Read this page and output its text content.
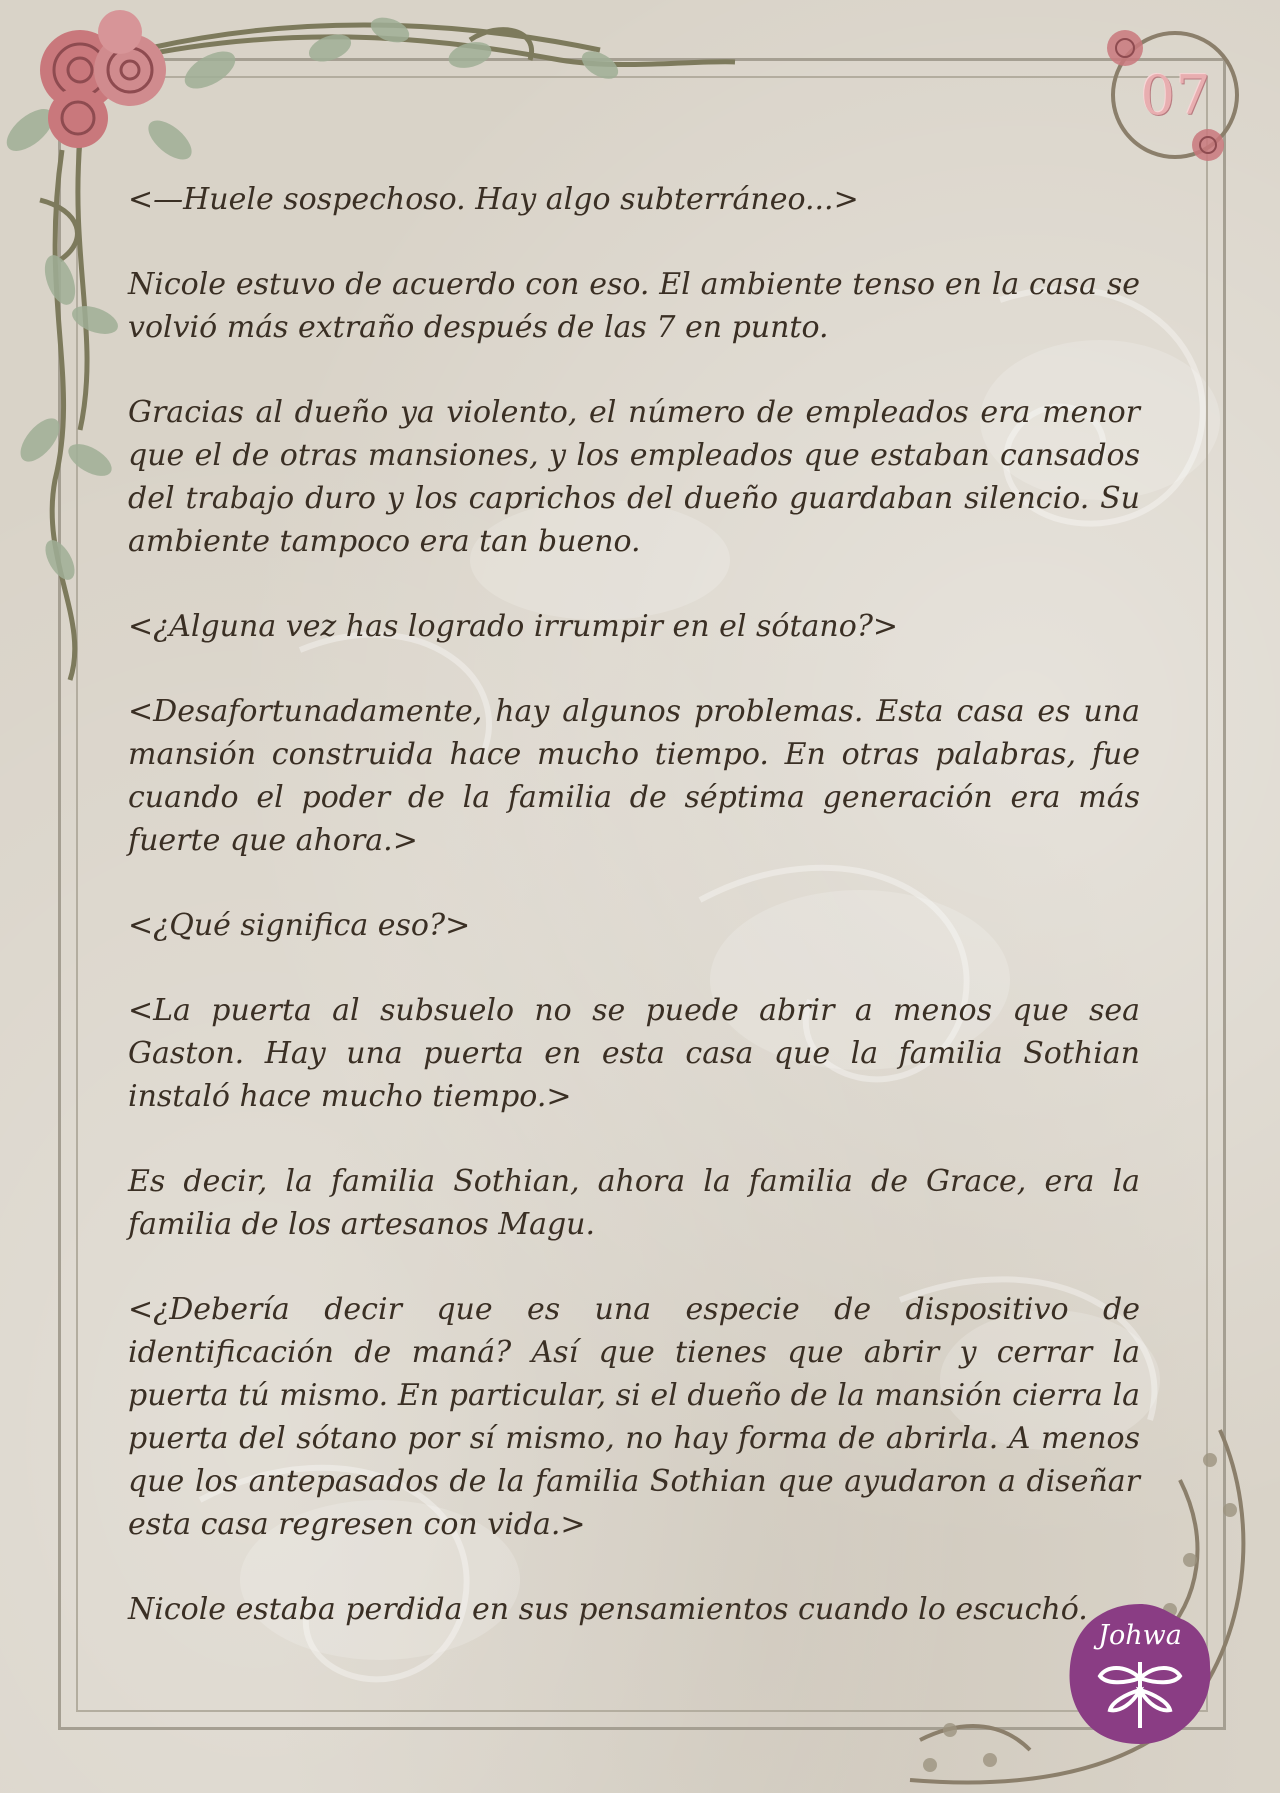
07
Johwa

<—Huele sospechoso. Hay algo subterráneo...>

Nicole estuvo de acuerdo con eso. El ambiente tenso en la casa se volvió más extraño después de las 7 en punto.

Gracias al dueño ya violento, el número de empleados era menor que el de otras mansiones, y los empleados que estaban cansados del trabajo duro y los caprichos del dueño guardaban silencio. Su ambiente tampoco era tan bueno.

<¿Alguna vez has logrado irrumpir en el sótano?>

<Desafortunadamente, hay algunos problemas. Esta casa es una mansión construida hace mucho tiempo. En otras palabras, fue cuando el poder de la familia de séptima generación era más fuerte que ahora.>

<¿Qué significa eso?>

<La puerta al subsuelo no se puede abrir a menos que sea Gaston. Hay una puerta en esta casa que la familia Sothian instaló hace mucho tiempo.>

Es decir, la familia Sothian, ahora la familia de Grace, era la familia de los artesanos Magu.

<¿Debería decir que es una especie de dispositivo de identificación de maná? Así que tienes que abrir y cerrar la puerta tú mismo. En particular, si el dueño de la mansión cierra la puerta del sótano por sí mismo, no hay forma de abrirla. A menos que los antepasados de la familia Sothian que ayudaron a diseñar esta casa regresen con vida.>

Nicole estaba perdida en sus pensamientos cuando lo escuchó.
